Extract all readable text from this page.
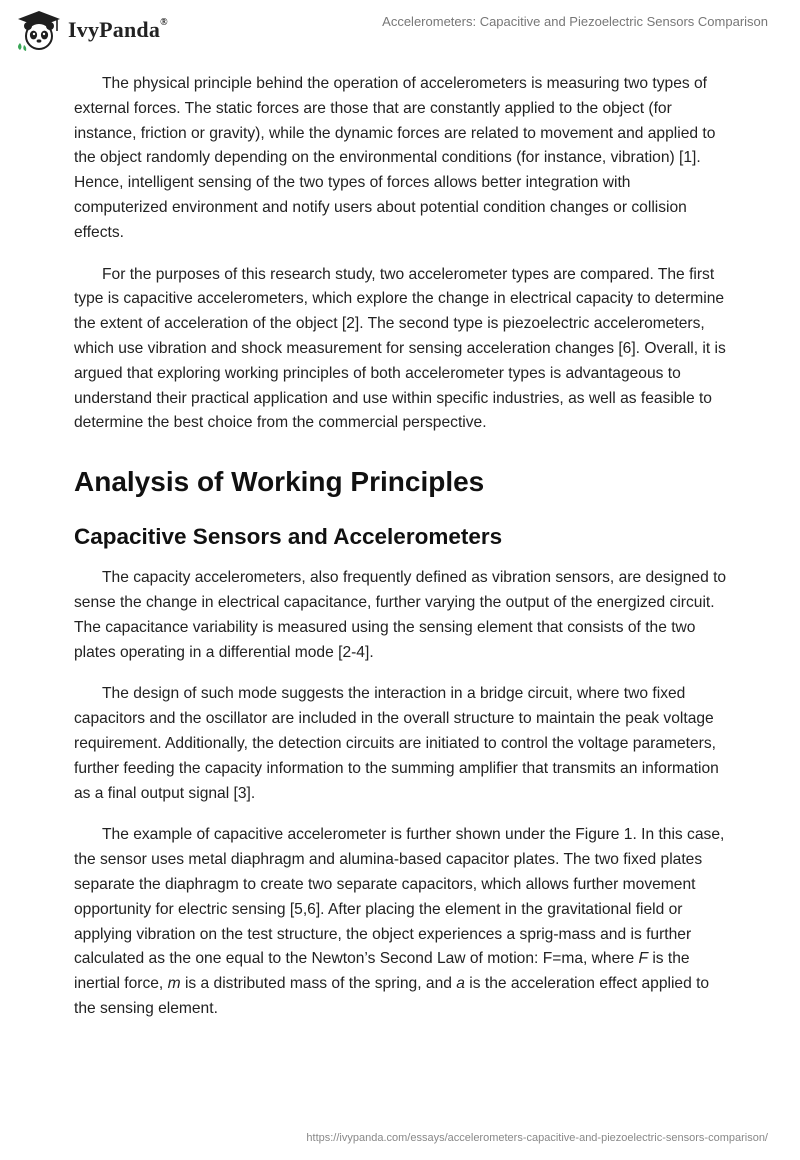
IvyPanda®	Accelerometers: Capacitive and Piezoelectric Sensors Comparison

The physical principle behind the operation of accelerometers is measuring two types of external forces. The static forces are those that are constantly applied to the object (for instance, friction or gravity), while the dynamic forces are related to movement and applied to the object randomly depending on the environmental conditions (for instance, vibration) [1]. Hence, intelligent sensing of the two types of forces allows better integration with computerized environment and notify users about potential condition changes or collision effects.

For the purposes of this research study, two accelerometer types are compared. The first type is capacitive accelerometers, which explore the change in electrical capacity to determine the extent of acceleration of the object [2]. The second type is piezoelectric accelerometers, which use vibration and shock measurement for sensing acceleration changes [6]. Overall, it is argued that exploring working principles of both accelerometer types is advantageous to understand their practical application and use within specific industries, as well as feasible to determine the best choice from the commercial perspective.

Analysis of Working Principles
Capacitive Sensors and Accelerometers

The capacity accelerometers, also frequently defined as vibration sensors, are designed to sense the change in electrical capacitance, further varying the output of the energized circuit. The capacitance variability is measured using the sensing element that consists of the two plates operating in a differential mode [2-4].

The design of such mode suggests the interaction in a bridge circuit, where two fixed capacitors and the oscillator are included in the overall structure to maintain the peak voltage requirement. Additionally, the detection circuits are initiated to control the voltage parameters, further feeding the capacity information to the summing amplifier that transmits an information as a final output signal [3].

The example of capacitive accelerometer is further shown under the Figure 1. In this case, the sensor uses metal diaphragm and alumina-based capacitor plates. The two fixed plates separate the diaphragm to create two separate capacitors, which allows further movement opportunity for electric sensing [5,6]. After placing the element in the gravitational field or applying vibration on the test structure, the object experiences a sprig-mass and is further calculated as the one equal to the Newton’s Second Law of motion: F=ma, where F is the inertial force, m is a distributed mass of the spring, and a is the acceleration effect applied to the sensing element.

https://ivypanda.com/essays/accelerometers-capacitive-and-piezoelectric-sensors-comparison/
